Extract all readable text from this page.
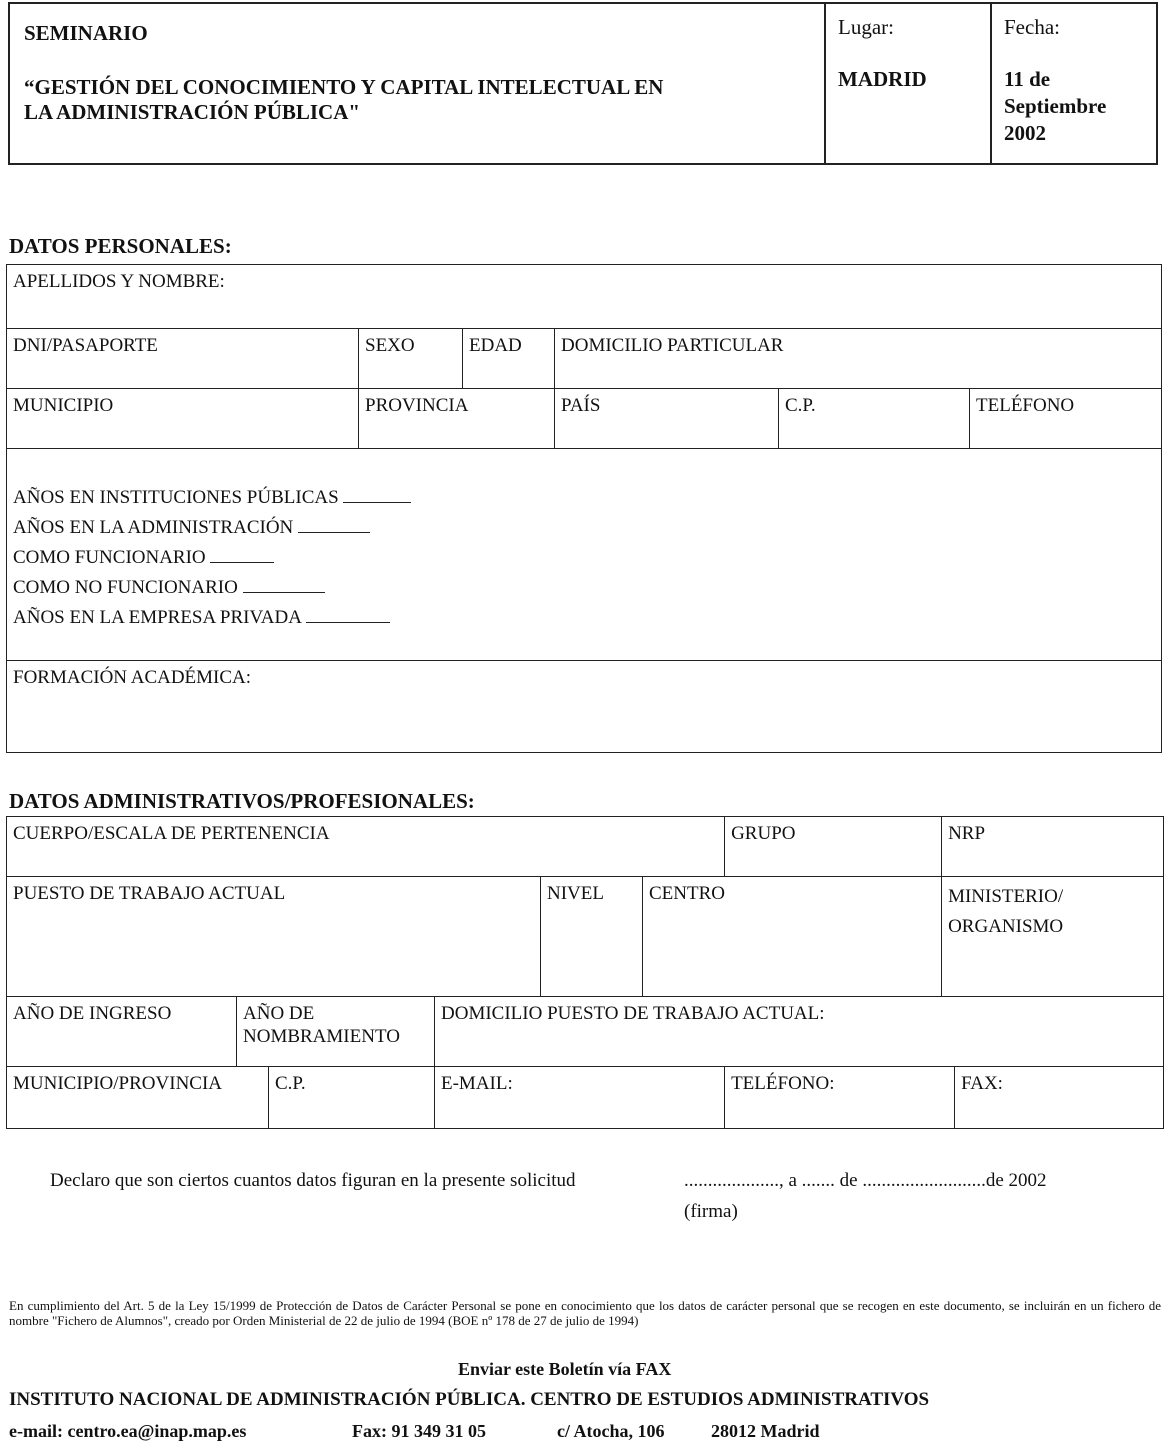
SEMINARIO
“GESTIÓN DEL CONOCIMIENTO Y CAPITAL INTELECTUAL EN
LA ADMINISTRACIÓN PÚBLICA"
Lugar:
MADRID
Fecha:
11 de
Septiembre
2002
DATOS PERSONALES:
APELLIDOS Y NOMBRE:					
DNI/PASAPORTE	SEXO	EDAD	DOMICILIO PARTICULAR		
MUNICIPIO	PROVINCIA		PAÍS	C.P.	TELÉFONO

AÑOS EN INSTITUCIONES PÚBLICAS
AÑOS EN LA ADMINISTRACIÓN
COMO FUNCIONARIO
COMO NO FUNCIONARIO
AÑOS EN LA EMPRESA PRIVADA					

FORMACIÓN ACADÉMICA:					
DATOS ADMINISTRATIVOS/PROFESIONALES:
CUERPO/ESCALA DE PERTENENCIA						GRUPO	NRP	
PUESTO DE TRABAJO ACTUAL				NIVEL	CENTRO		MINISTERIO/
ORGANISMO	

AÑO DE INGRESO	AÑO DE
NOMBRAMIENTO		DOMICILIO PUESTO DE TRABAJO ACTUAL:					
MUNICIPIO/PROVINCIA		C.P.	E-MAIL:			TELÉFONO:		FAX:
Declaro que son ciertos cuantos datos figuran en la presente solicitud	...................., a ....... de ..........................de 2002
(firma)
En cumplimiento del Art. 5 de la Ley 15/1999 de Protección de Datos de Carácter Personal se pone en conocimiento que los datos de carácter personal que se recogen en este documento, se incluirán en un fichero de nombre "Fichero de Alumnos", creado por Orden Ministerial de 22 de julio de 1994 (BOE nº 178 de 27 de julio de 1994)
Enviar este Boletín vía FAX
INSTITUTO NACIONAL DE ADMINISTRACIÓN PÚBLICA. CENTRO DE ESTUDIOS ADMINISTRATIVOS
e-mail: centro.ea@inap.map.es	Fax: 91 349 31 05	c/ Atocha, 106	28012 Madrid
